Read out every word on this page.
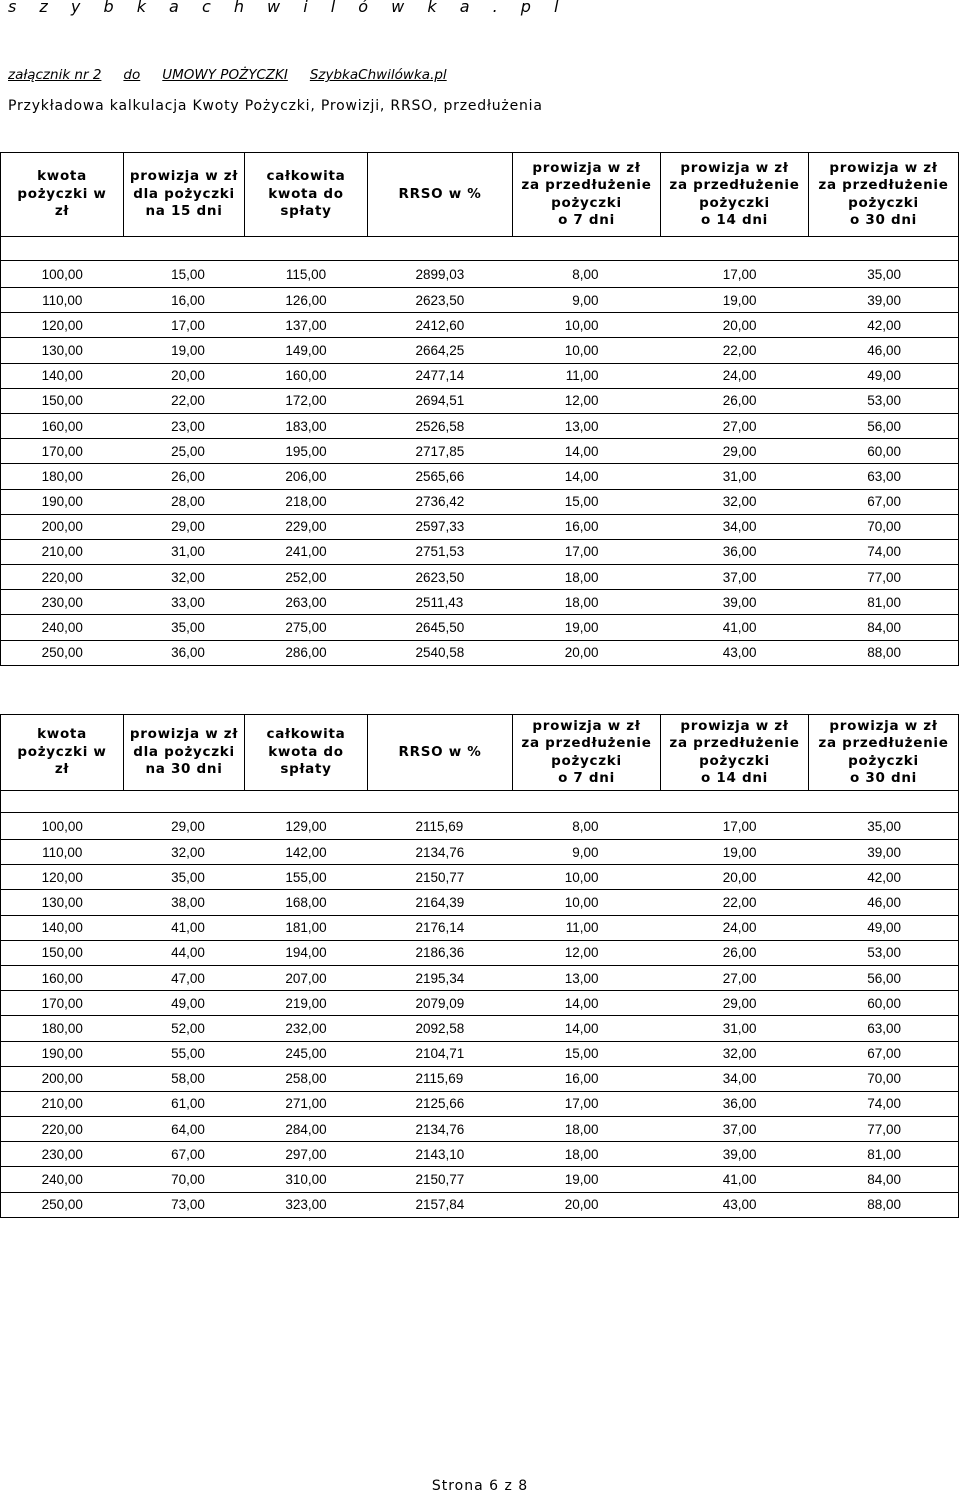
s z y b k a c h w i l ó w k a . p l
załącznik nr 2 do UMOWY POŻYCZKI SzybkaChwilówka.pl
Przykładowa kalkulacja Kwoty Pożyczki, Prowizji, RRSO, przedłużenia
kwota
pożyczki w
zł	prowizja w zł
dla pożyczki
na 15 dni	całkowita
kwota do
spłaty	RRSO w %	prowizja w zł
za przedłużenie
pożyczki
o 7 dni	prowizja w zł
za przedłużenie
pożyczki
o 14 dni	prowizja w zł
za przedłużenie
pożyczki
o 30 dni

100,00	15,00	115,00	2899,03	8,00	17,00	35,00
110,00	16,00	126,00	2623,50	9,00	19,00	39,00
120,00	17,00	137,00	2412,60	10,00	20,00	42,00
130,00	19,00	149,00	2664,25	10,00	22,00	46,00
140,00	20,00	160,00	2477,14	11,00	24,00	49,00
150,00	22,00	172,00	2694,51	12,00	26,00	53,00
160,00	23,00	183,00	2526,58	13,00	27,00	56,00
170,00	25,00	195,00	2717,85	14,00	29,00	60,00
180,00	26,00	206,00	2565,66	14,00	31,00	63,00
190,00	28,00	218,00	2736,42	15,00	32,00	67,00
200,00	29,00	229,00	2597,33	16,00	34,00	70,00
210,00	31,00	241,00	2751,53	17,00	36,00	74,00
220,00	32,00	252,00	2623,50	18,00	37,00	77,00
230,00	33,00	263,00	2511,43	18,00	39,00	81,00
240,00	35,00	275,00	2645,50	19,00	41,00	84,00
250,00	36,00	286,00	2540,58	20,00	43,00	88,00
kwota
pożyczki w
zł	prowizja w zł
dla pożyczki
na 30 dni	całkowita
kwota do
spłaty	RRSO w %	prowizja w zł
za przedłużenie
pożyczki
o 7 dni	prowizja w zł
za przedłużenie
pożyczki
o 14 dni	prowizja w zł
za przedłużenie
pożyczki
o 30 dni

100,00	29,00	129,00	2115,69	8,00	17,00	35,00
110,00	32,00	142,00	2134,76	9,00	19,00	39,00
120,00	35,00	155,00	2150,77	10,00	20,00	42,00
130,00	38,00	168,00	2164,39	10,00	22,00	46,00
140,00	41,00	181,00	2176,14	11,00	24,00	49,00
150,00	44,00	194,00	2186,36	12,00	26,00	53,00
160,00	47,00	207,00	2195,34	13,00	27,00	56,00
170,00	49,00	219,00	2079,09	14,00	29,00	60,00
180,00	52,00	232,00	2092,58	14,00	31,00	63,00
190,00	55,00	245,00	2104,71	15,00	32,00	67,00
200,00	58,00	258,00	2115,69	16,00	34,00	70,00
210,00	61,00	271,00	2125,66	17,00	36,00	74,00
220,00	64,00	284,00	2134,76	18,00	37,00	77,00
230,00	67,00	297,00	2143,10	18,00	39,00	81,00
240,00	70,00	310,00	2150,77	19,00	41,00	84,00
250,00	73,00	323,00	2157,84	20,00	43,00	88,00
Strona 6 z 8
